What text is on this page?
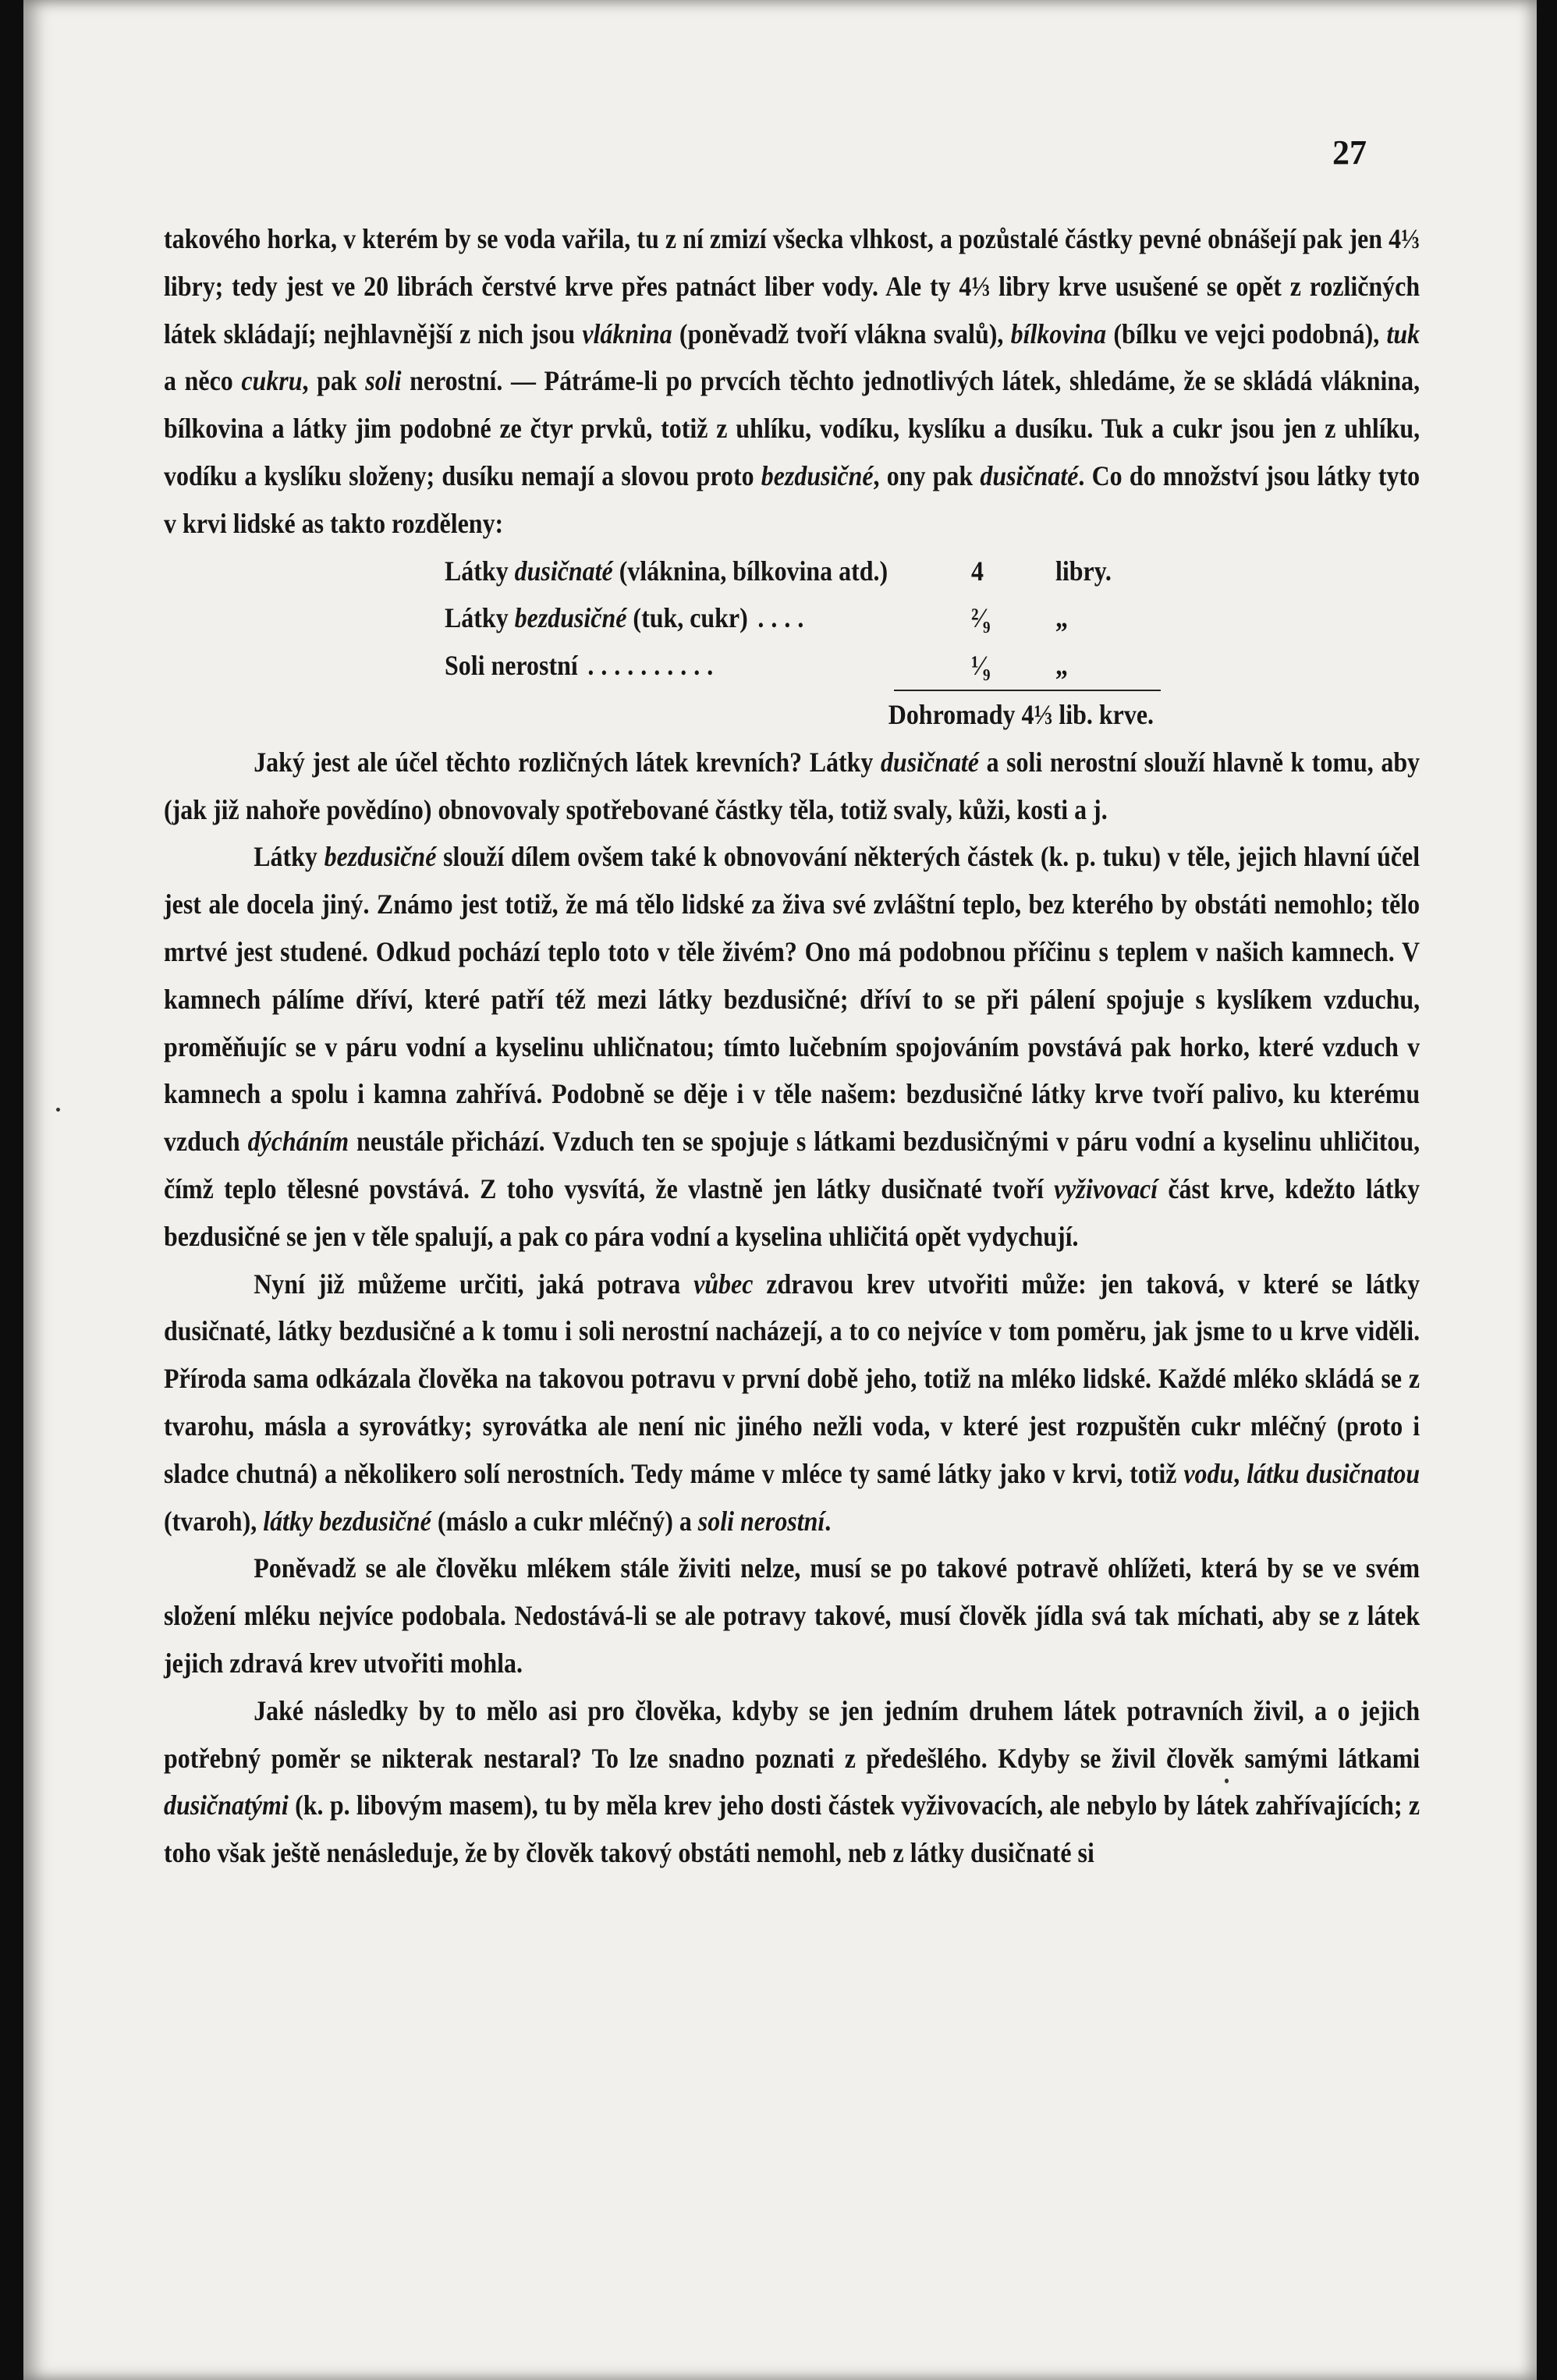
27

takového horka, v kterém by se voda vařila, tu z ní zmizí všecka vlhkost, a pozůstalé částky pevné obnášejí pak jen 4⅓ libry; tedy jest ve 20 librách čerstvé krve přes patnáct liber vody. Ale ty 4⅓ libry krve usušené se opět z rozličných látek skládají; nejhlavnější z nich jsou vláknina (poněvadž tvoří vlákna svalů), bílkovina (bílku ve vejci podobná), tuk a něco cukru, pak soli nerostní. — Pátráme-li po prvcích těchto jednotlivých látek, shledáme, že se skládá vláknina, bílkovina a látky jim podobné ze čtyr prvků, totiž z uhlíku, vodíku, kyslíku a dusíku. Tuk a cukr jsou jen z uhlíku, vodíku a kyslíku složeny; dusíku nemají a slovou proto bezdusičné, ony pak dusičnaté. Co do množství jsou látky tyto v krvi lidské as takto rozděleny:

Látky dusičnaté (vláknina, bílkovina atd.)	4	libry.
Látky bezdusičné (tuk, cukr) ....	²⁄₉	„
Soli nerostní ..........	¹⁄₉	„
Dohromady 4⅓ lib. krve.

Jaký jest ale účel těchto rozličných látek krevních? Látky dusičnaté a soli nerostní slouží hlavně k tomu, aby (jak již nahoře povědíno) obnovovaly spotřebované částky těla, totiž svaly, kůži, kosti a j.

Látky bezdusičné slouží dílem ovšem také k obnovování některých částek (k. p. tuku) v těle, jejich hlavní účel jest ale docela jiný. Známo jest totiž, že má tělo lidské za živa své zvláštní teplo, bez kterého by obstáti nemohlo; tělo mrtvé jest studené. Odkud pochází teplo toto v těle živém? Ono má podobnou příčinu s teplem v našich kamnech. V kamnech pálíme dříví, které patří též mezi látky bezdusičné; dříví to se při pálení spojuje s kyslíkem vzduchu, proměňujíc se v páru vodní a kyselinu uhličnatou; tímto lučebním spojováním povstává pak horko, které vzduch v kamnech a spolu i kamna zahřívá. Podobně se děje i v těle našem: bezdusičné látky krve tvoří palivo, ku kterému vzduch dýcháním neustále přichází. Vzduch ten se spojuje s látkami bezdusičnými v páru vodní a kyselinu uhličitou, čímž teplo tělesné povstává. Z toho vysvítá, že vlastně jen látky dusičnaté tvoří vyživovací část krve, kdežto látky bezdusičné se jen v těle spalují, a pak co pára vodní a kyselina uhličitá opět vydychují.

Nyní již můžeme určiti, jaká potrava vůbec zdravou krev utvořiti může: jen taková, v které se látky dusičnaté, látky bezdusičné a k tomu i soli nerostní nacházejí, a to co nejvíce v tom poměru, jak jsme to u krve viděli. Příroda sama odkázala člověka na takovou potravu v první době jeho, totiž na mléko lidské. Každé mléko skládá se z tvarohu, másla a syrovátky; syrovátka ale není nic jiného nežli voda, v které jest rozpuštěn cukr mléčný (proto i sladce chutná) a několikero solí nerostních. Tedy máme v mléce ty samé látky jako v krvi, totiž vodu, látku dusičnatou (tvaroh), látky bezdusičné (máslo a cukr mléčný) a soli nerostní.

Poněvadž se ale člověku mlékem stále živiti nelze, musí se po takové potravě ohlížeti, která by se ve svém složení mléku nejvíce podobala. Nedostává-li se ale potravy takové, musí člověk jídla svá tak míchati, aby se z látek jejich zdravá krev utvořiti mohla.

Jaké následky by to mělo asi pro člověka, kdyby se jen jedním druhem látek potravních živil, a o jejich potřebný poměr se nikterak nestaral? To lze snadno poznati z předešlého. Kdyby se živil člověk samými látkami dusičnatými (k. p. libovým masem), tu by měla krev jeho dosti částek vyživovacích, ale nebylo by látek zahřívajících; z toho však ještě nenásleduje, že by člověk takový obstáti nemohl, neb z látky dusičnaté si
